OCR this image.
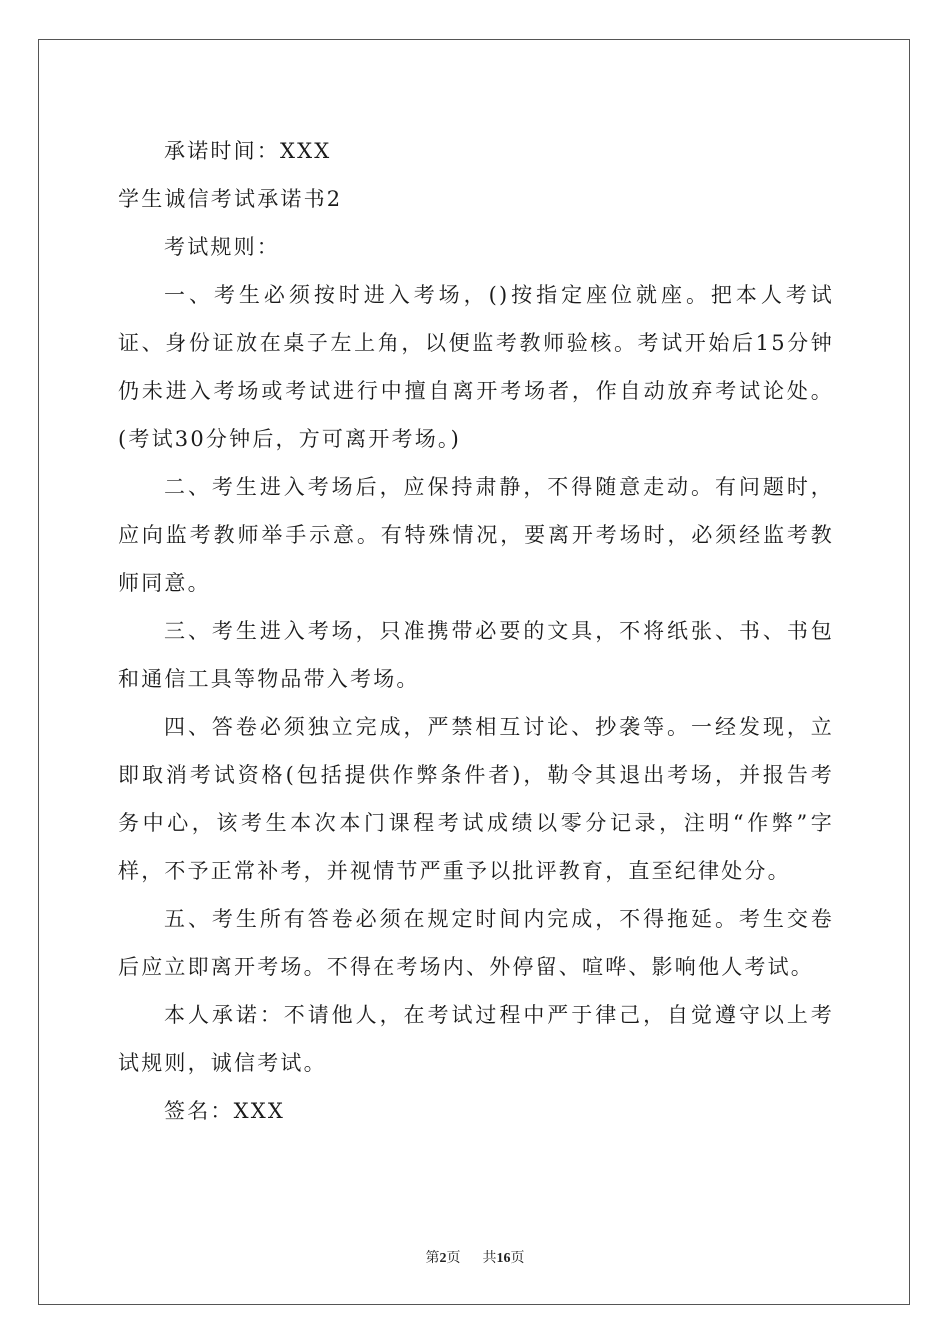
承诺时间：XXX

学生诚信考试承诺书2

考试规则：

一、考生必须按时进入考场，()按指定座位就座。把本人考试证、身份证放在桌子左上角，以便监考教师验核。考试开始后15分钟仍未进入考场或考试进行中擅自离开考场者，作自动放弃考试论处。(考试30分钟后，方可离开考场。)

二、考生进入考场后，应保持肃静，不得随意走动。有问题时，应向监考教师举手示意。有特殊情况，要离开考场时，必须经监考教师同意。

三、考生进入考场，只准携带必要的文具，不将纸张、书、书包和通信工具等物品带入考场。

四、答卷必须独立完成，严禁相互讨论、抄袭等。一经发现，立即取消考试资格(包括提供作弊条件者)，勒令其退出考场，并报告考务中心，该考生本次本门课程考试成绩以零分记录，注明“作弊”字样，不予正常补考，并视情节严重予以批评教育，直至纪律处分。

五、考生所有答卷必须在规定时间内完成，不得拖延。考生交卷后应立即离开考场。不得在考场内、外停留、喧哗、影响他人考试。

本人承诺：不请他人，在考试过程中严于律己，自觉遵守以上考试规则，诚信考试。

签名：XXX

第2页 共16页
